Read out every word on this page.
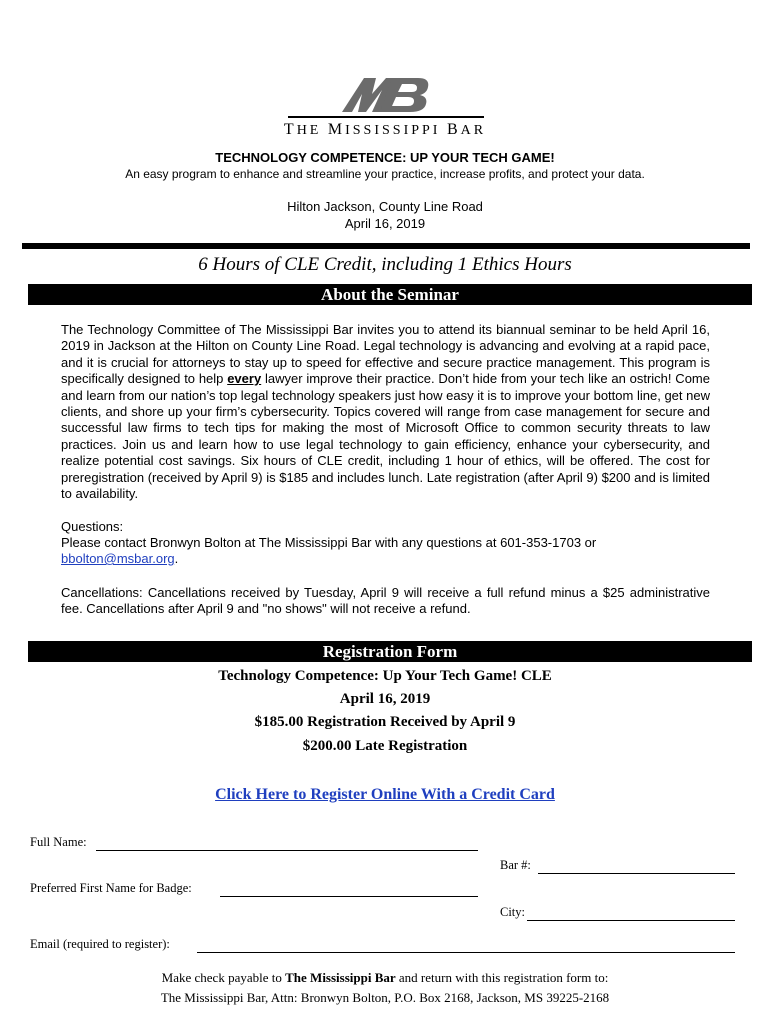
THE MISSISSIPPI BAR
TECHNOLOGY COMPETENCE: UP YOUR TECH GAME!
An easy program to enhance and streamline your practice, increase profits, and protect your data.
Hilton Jackson, County Line Road
April 16, 2019
6 Hours of CLE Credit, including 1 Ethics Hours
About the Seminar
The Technology Committee of The Mississippi Bar invites you to attend its biannual seminar to be held April 16, 2019 in Jackson at the Hilton on County Line Road. Legal technology is advancing and evolving at a rapid pace, and it is crucial for attorneys to stay up to speed for effective and secure practice management. This program is specifically designed to help every lawyer improve their practice. Don’t hide from your tech like an ostrich! Come and learn from our nation’s top legal technology speakers just how easy it is to improve your bottom line, get new clients, and shore up your firm’s cybersecurity. Topics covered will range from case management for secure and successful law firms to tech tips for making the most of Microsoft Office to common security threats to law practices. Join us and learn how to use legal technology to gain efficiency, enhance your cybersecurity, and realize potential cost savings. Six hours of CLE credit, including 1 hour of ethics, will be offered. The cost for preregistration (received by April 9) is $185 and includes lunch. Late registration (after April 9) $200 and is limited to availability.
Questions:
Please contact Bronwyn Bolton at The Mississippi Bar with any questions at 601-353-1703 or
bbolton@msbar.org.
Cancellations: Cancellations received by Tuesday, April 9 will receive a full refund minus a $25 administrative fee. Cancellations after April 9 and "no shows" will not receive a refund.
Registration Form
Technology Competence: Up Your Tech Game! CLE
April 16, 2019
$185.00 Registration Received by April 9
$200.00 Late Registration
Click Here to Register Online With a Credit Card
Full Name:
Bar #:
Preferred First Name for Badge:
City:
Email (required to register):
Make check payable to The Mississippi Bar and return with this registration form to:
The Mississippi Bar, Attn: Bronwyn Bolton, P.O. Box 2168, Jackson, MS 39225-2168
